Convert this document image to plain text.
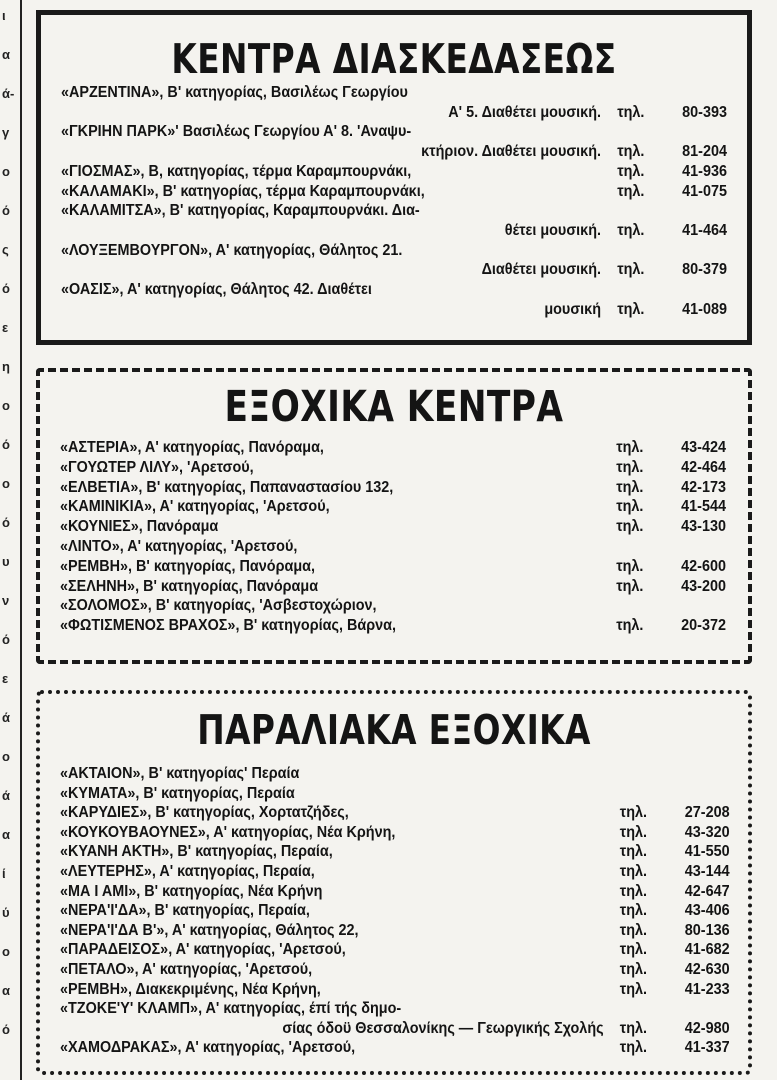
ι
α
ά-
γ
ο
ό
ς
ό
ε
η
ο
ό
ο
ό
υ
ν
ό
ε
ά
ο
ά
α
ί
ύ
ο
α
ό
ΚΕΝΤΡΑ ΔΙΑΣΚΕΔΑΣΕΩΣ
«ΑΡΖΕΝΤΙΝΑ», Β' κατηγορίας, Βασιλέως Γεωργίου
Α' 5. Διαθέτει μουσική.	τηλ. 80-393
«ΓΚΡΙΗΝ ΠΑΡΚ»' Βασιλέως Γεωργίου Α' 8. 'Αναψυ-
κτήριον. Διαθέτει μουσική.	τηλ. 81-204
«ΓΙΟΣΜΑΣ», Β, κατηγορίας, τέρμα Καραμπουρνάκι,	τηλ. 41-936
«ΚΑΛΑΜΑΚΙ», Β' κατηγορίας, τέρμα Καραμπουρνάκι,	τηλ. 41-075
«ΚΑΛΑΜΙΤΣΑ», Β' κατηγορίας, Καραμπουρνάκι. Δια-
θέτει μουσική.	τηλ. 41-464
«ΛΟΥΞΕΜΒΟΥΡΓΟΝ», Α' κατηγορίας, Θάλητος 21.
Διαθέτει μουσική.	τηλ. 80-379
«ΟΑΣΙΣ», Α' κατηγορίας, Θάλητος 42. Διαθέτει
μουσική	τηλ. 41-089
ΕΞΟΧΙΚΑ ΚΕΝΤΡΑ
«ΑΣΤΕΡΙΑ», Α' κατηγορίας, Πανόραμα,	τηλ. 43-424
«ΓΟΥΩΤΕΡ ΛΙΛΥ», 'Αρετσού,	τηλ. 42-464
«ΕΛΒΕΤΙΑ», Β' κατηγορίας, Παπαναστασίου 132,	τηλ. 42-173
«ΚΑΜΙΝΙΚΙΑ», Α' κατηγορίας, 'Αρετσού,	τηλ. 41-544
«ΚΟΥΝΙΕΣ», Πανόραμα	τηλ. 43-130
«ΛΙΝΤΟ», Α' κατηγορίας, 'Αρετσού,
«ΡΕΜΒΗ», Β' κατηγορίας, Πανόραμα,	τηλ. 42-600
«ΣΕΛΗΝΗ», Β' κατηγορίας, Πανόραμα	τηλ. 43-200
«ΣΟΛΟΜΟΣ», Β' κατηγορίας, 'Ασβεστοχώριον,
«ΦΩΤΙΣΜΕΝΟΣ ΒΡΑΧΟΣ», Β' κατηγορίας, Βάρνα,	τηλ. 20-372
ΠΑΡΑΛΙΑΚΑ ΕΞΟΧΙΚΑ
«ΑΚΤΑΙΟΝ», Β' κατηγορίας' Περαία
«ΚΥΜΑΤΑ», Β' κατηγορίας, Περαία
«ΚΑΡΥΔΙΕΣ», Β' κατηγορίας, Χορτατζήδες,	τηλ. 27-208
«ΚΟΥΚΟΥΒΑΟΥΝΕΣ», Α' κατηγορίας, Νέα Κρήνη,	τηλ. 43-320
«ΚΥΑΝΗ ΑΚΤΗ», Β' κατηγορίας, Περαία,	τηλ. 41-550
«ΛΕΥΤΕΡΗΣ», Α' κατηγορίας, Περαία,	τηλ. 43-144
«ΜΑ Ι ΑΜΙ», Β' κατηγορίας, Νέα Κρήνη	τηλ. 42-647
«ΝΕΡΑ'Ι'ΔΑ», Β' κατηγορίας, Περαία,	τηλ. 43-406
«ΝΕΡΑ'Ι'ΔΑ Β'», Α' κατηγορίας, Θάλητος 22,	τηλ. 80-136
«ΠΑΡΑΔΕΙΣΟΣ», Α' κατηγορίας, 'Αρετσού,	τηλ. 41-682
«ΠΕΤΑΛΟ», Α' κατηγορίας, 'Αρετσού,	τηλ. 42-630
«ΡΕΜΒΗ», Διακεκριμένης, Νέα Κρήνη,	τηλ. 41-233
«ΤΖΟΚΕ'Υ' ΚΛΑΜΠ», Α' κατηγορίας, έπί τής δημο-
σίας όδοϋ Θεσσαλονίκης — Γεωργικής Σχολής	τηλ. 42-980
«ΧΑΜΟΔΡΑΚΑΣ», Α' κατηγορίας, 'Αρετσού,	τηλ. 41-337
